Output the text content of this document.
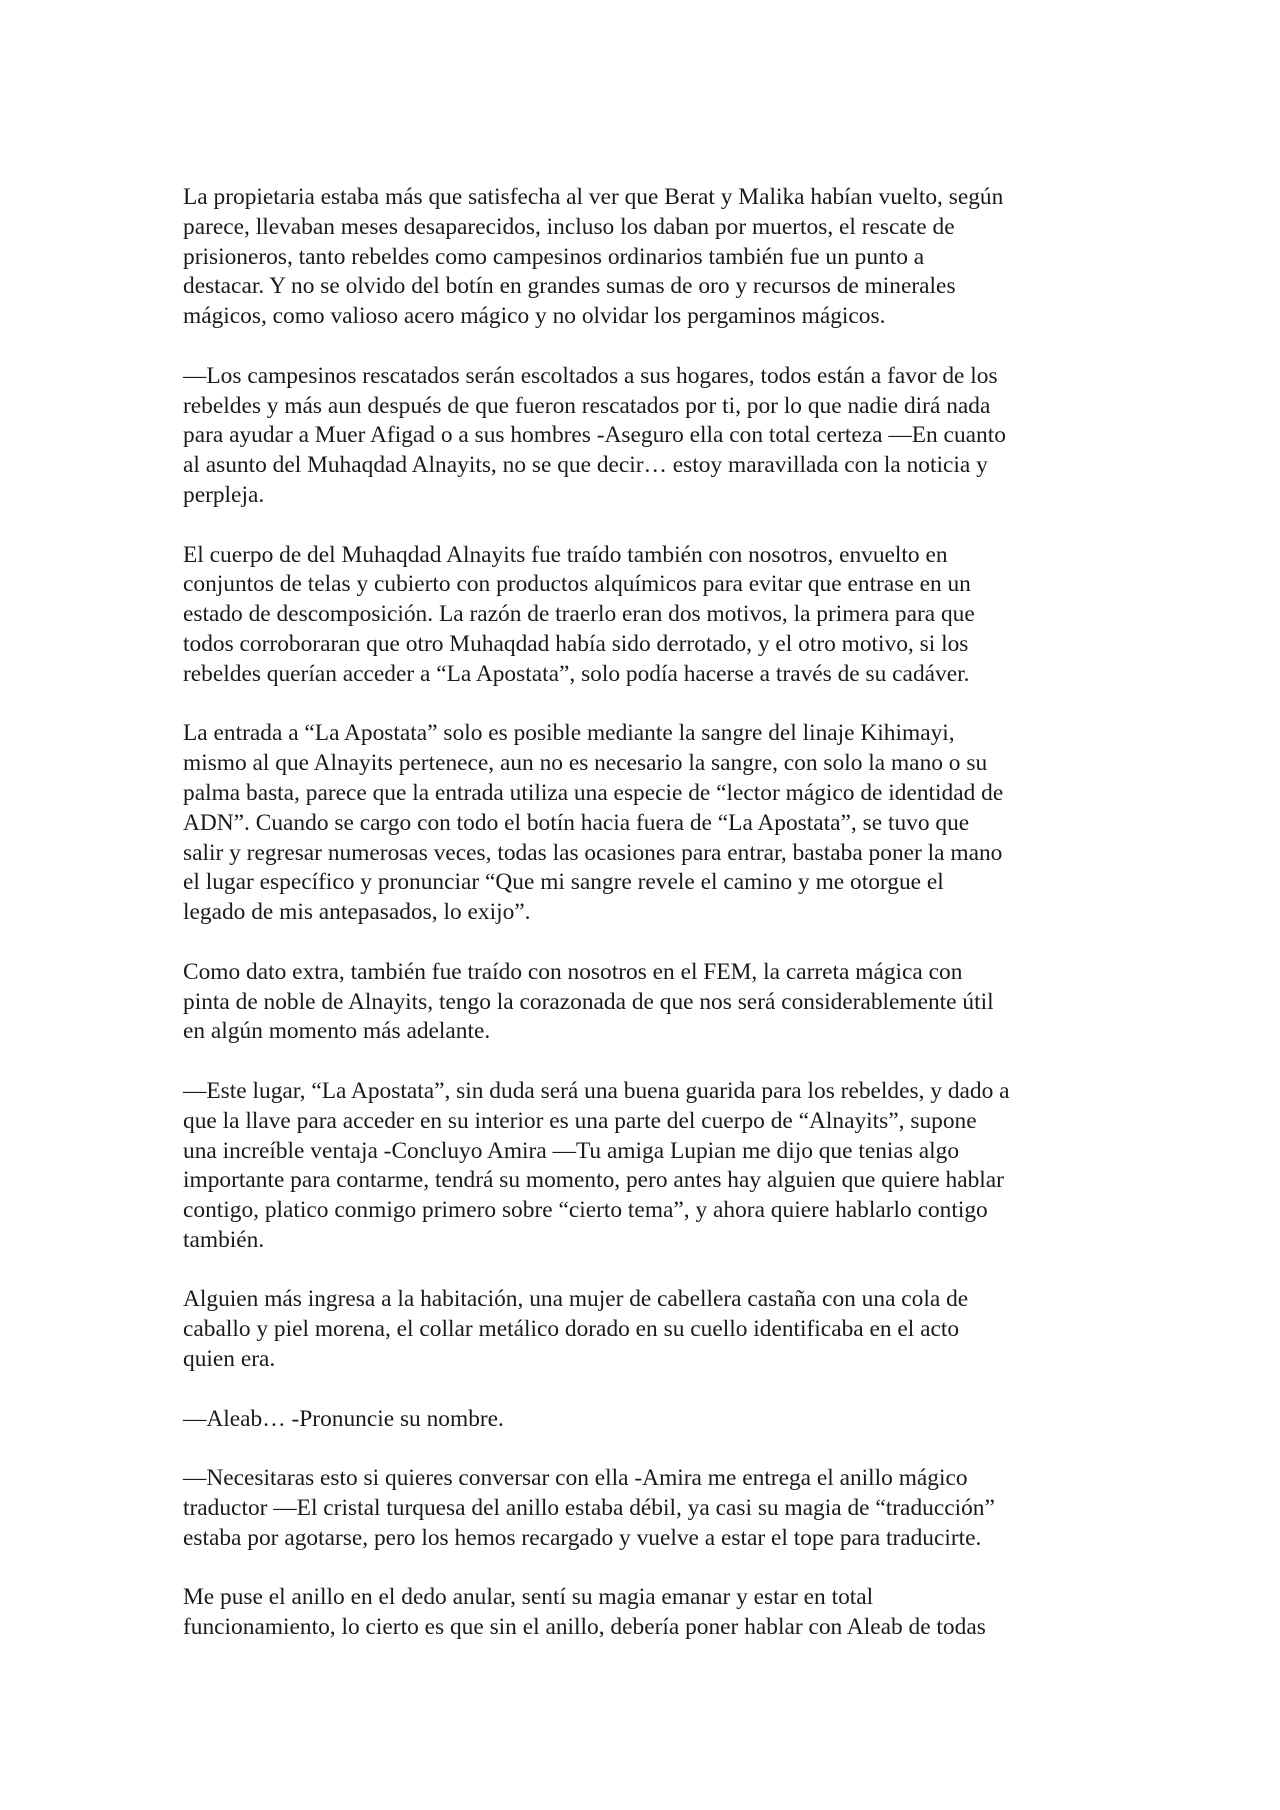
La propietaria estaba más que satisfecha al ver que Berat y Malika habían vuelto, según
parece, llevaban meses desaparecidos, incluso los daban por muertos, el rescate de
prisioneros, tanto rebeldes como campesinos ordinarios también fue un punto a
destacar. Y no se olvido del botín en grandes sumas de oro y recursos de minerales
mágicos, como valioso acero mágico y no olvidar los pergaminos mágicos.

—Los campesinos rescatados serán escoltados a sus hogares, todos están a favor de los
rebeldes y más aun después de que fueron rescatados por ti, por lo que nadie dirá nada
para ayudar a Muer Afigad o a sus hombres -Aseguro ella con total certeza —En cuanto
al asunto del Muhaqdad Alnayits, no se que decir… estoy maravillada con la noticia y
perpleja.

El cuerpo de del Muhaqdad Alnayits fue traído también con nosotros, envuelto en
conjuntos de telas y cubierto con productos alquímicos para evitar que entrase en un
estado de descomposición. La razón de traerlo eran dos motivos, la primera para que
todos corroboraran que otro Muhaqdad había sido derrotado, y el otro motivo, si los
rebeldes querían acceder a “La Apostata”, solo podía hacerse a través de su cadáver.

La entrada a “La Apostata” solo es posible mediante la sangre del linaje Kihimayi,
mismo al que Alnayits pertenece, aun no es necesario la sangre, con solo la mano o su
palma basta, parece que la entrada utiliza una especie de “lector mágico de identidad de
ADN”. Cuando se cargo con todo el botín hacia fuera de “La Apostata”, se tuvo que
salir y regresar numerosas veces, todas las ocasiones para entrar, bastaba poner la mano
el lugar específico y pronunciar “Que mi sangre revele el camino y me otorgue el
legado de mis antepasados, lo exijo”.

Como dato extra, también fue traído con nosotros en el FEM, la carreta mágica con
pinta de noble de Alnayits, tengo la corazonada de que nos será considerablemente útil
en algún momento más adelante.

—Este lugar, “La Apostata”, sin duda será una buena guarida para los rebeldes, y dado a
que la llave para acceder en su interior es una parte del cuerpo de “Alnayits”, supone
una increíble ventaja -Concluyo Amira —Tu amiga Lupian me dijo que tenias algo
importante para contarme, tendrá su momento, pero antes hay alguien que quiere hablar
contigo, platico conmigo primero sobre “cierto tema”, y ahora quiere hablarlo contigo
también.

Alguien más ingresa a la habitación, una mujer de cabellera castaña con una cola de
caballo y piel morena, el collar metálico dorado en su cuello identificaba en el acto
quien era.

—Aleab… -Pronuncie su nombre.

—Necesitaras esto si quieres conversar con ella -Amira me entrega el anillo mágico
traductor —El cristal turquesa del anillo estaba débil, ya casi su magia de “traducción”
estaba por agotarse, pero los hemos recargado y vuelve a estar el tope para traducirte.

Me puse el anillo en el dedo anular, sentí su magia emanar y estar en total
funcionamiento, lo cierto es que sin el anillo, debería poner hablar con Aleab de todas
